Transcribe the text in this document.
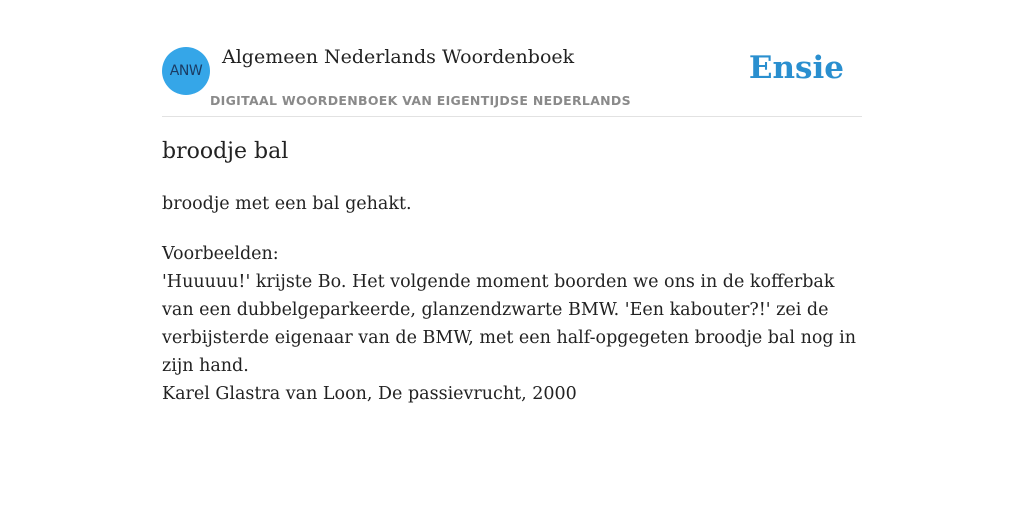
ANW
Algemeen Nederlands Woordenboek
DIGITAAL WOORDENBOEK VAN EIGENTIJDSE NEDERLANDS
Ensie
broodje bal

broodje met een bal gehakt.

Voorbeelden:
'Huuuuu!' krijste Bo. Het volgende moment boorden we ons in de kofferbak van een dubbelgeparkeerde, glanzendzwarte BMW. 'Een kabouter?!' zei de verbijsterde eigenaar van de BMW, met een half-opgegeten broodje bal nog in zijn hand.
Karel Glastra van Loon, De passievrucht, 2000
